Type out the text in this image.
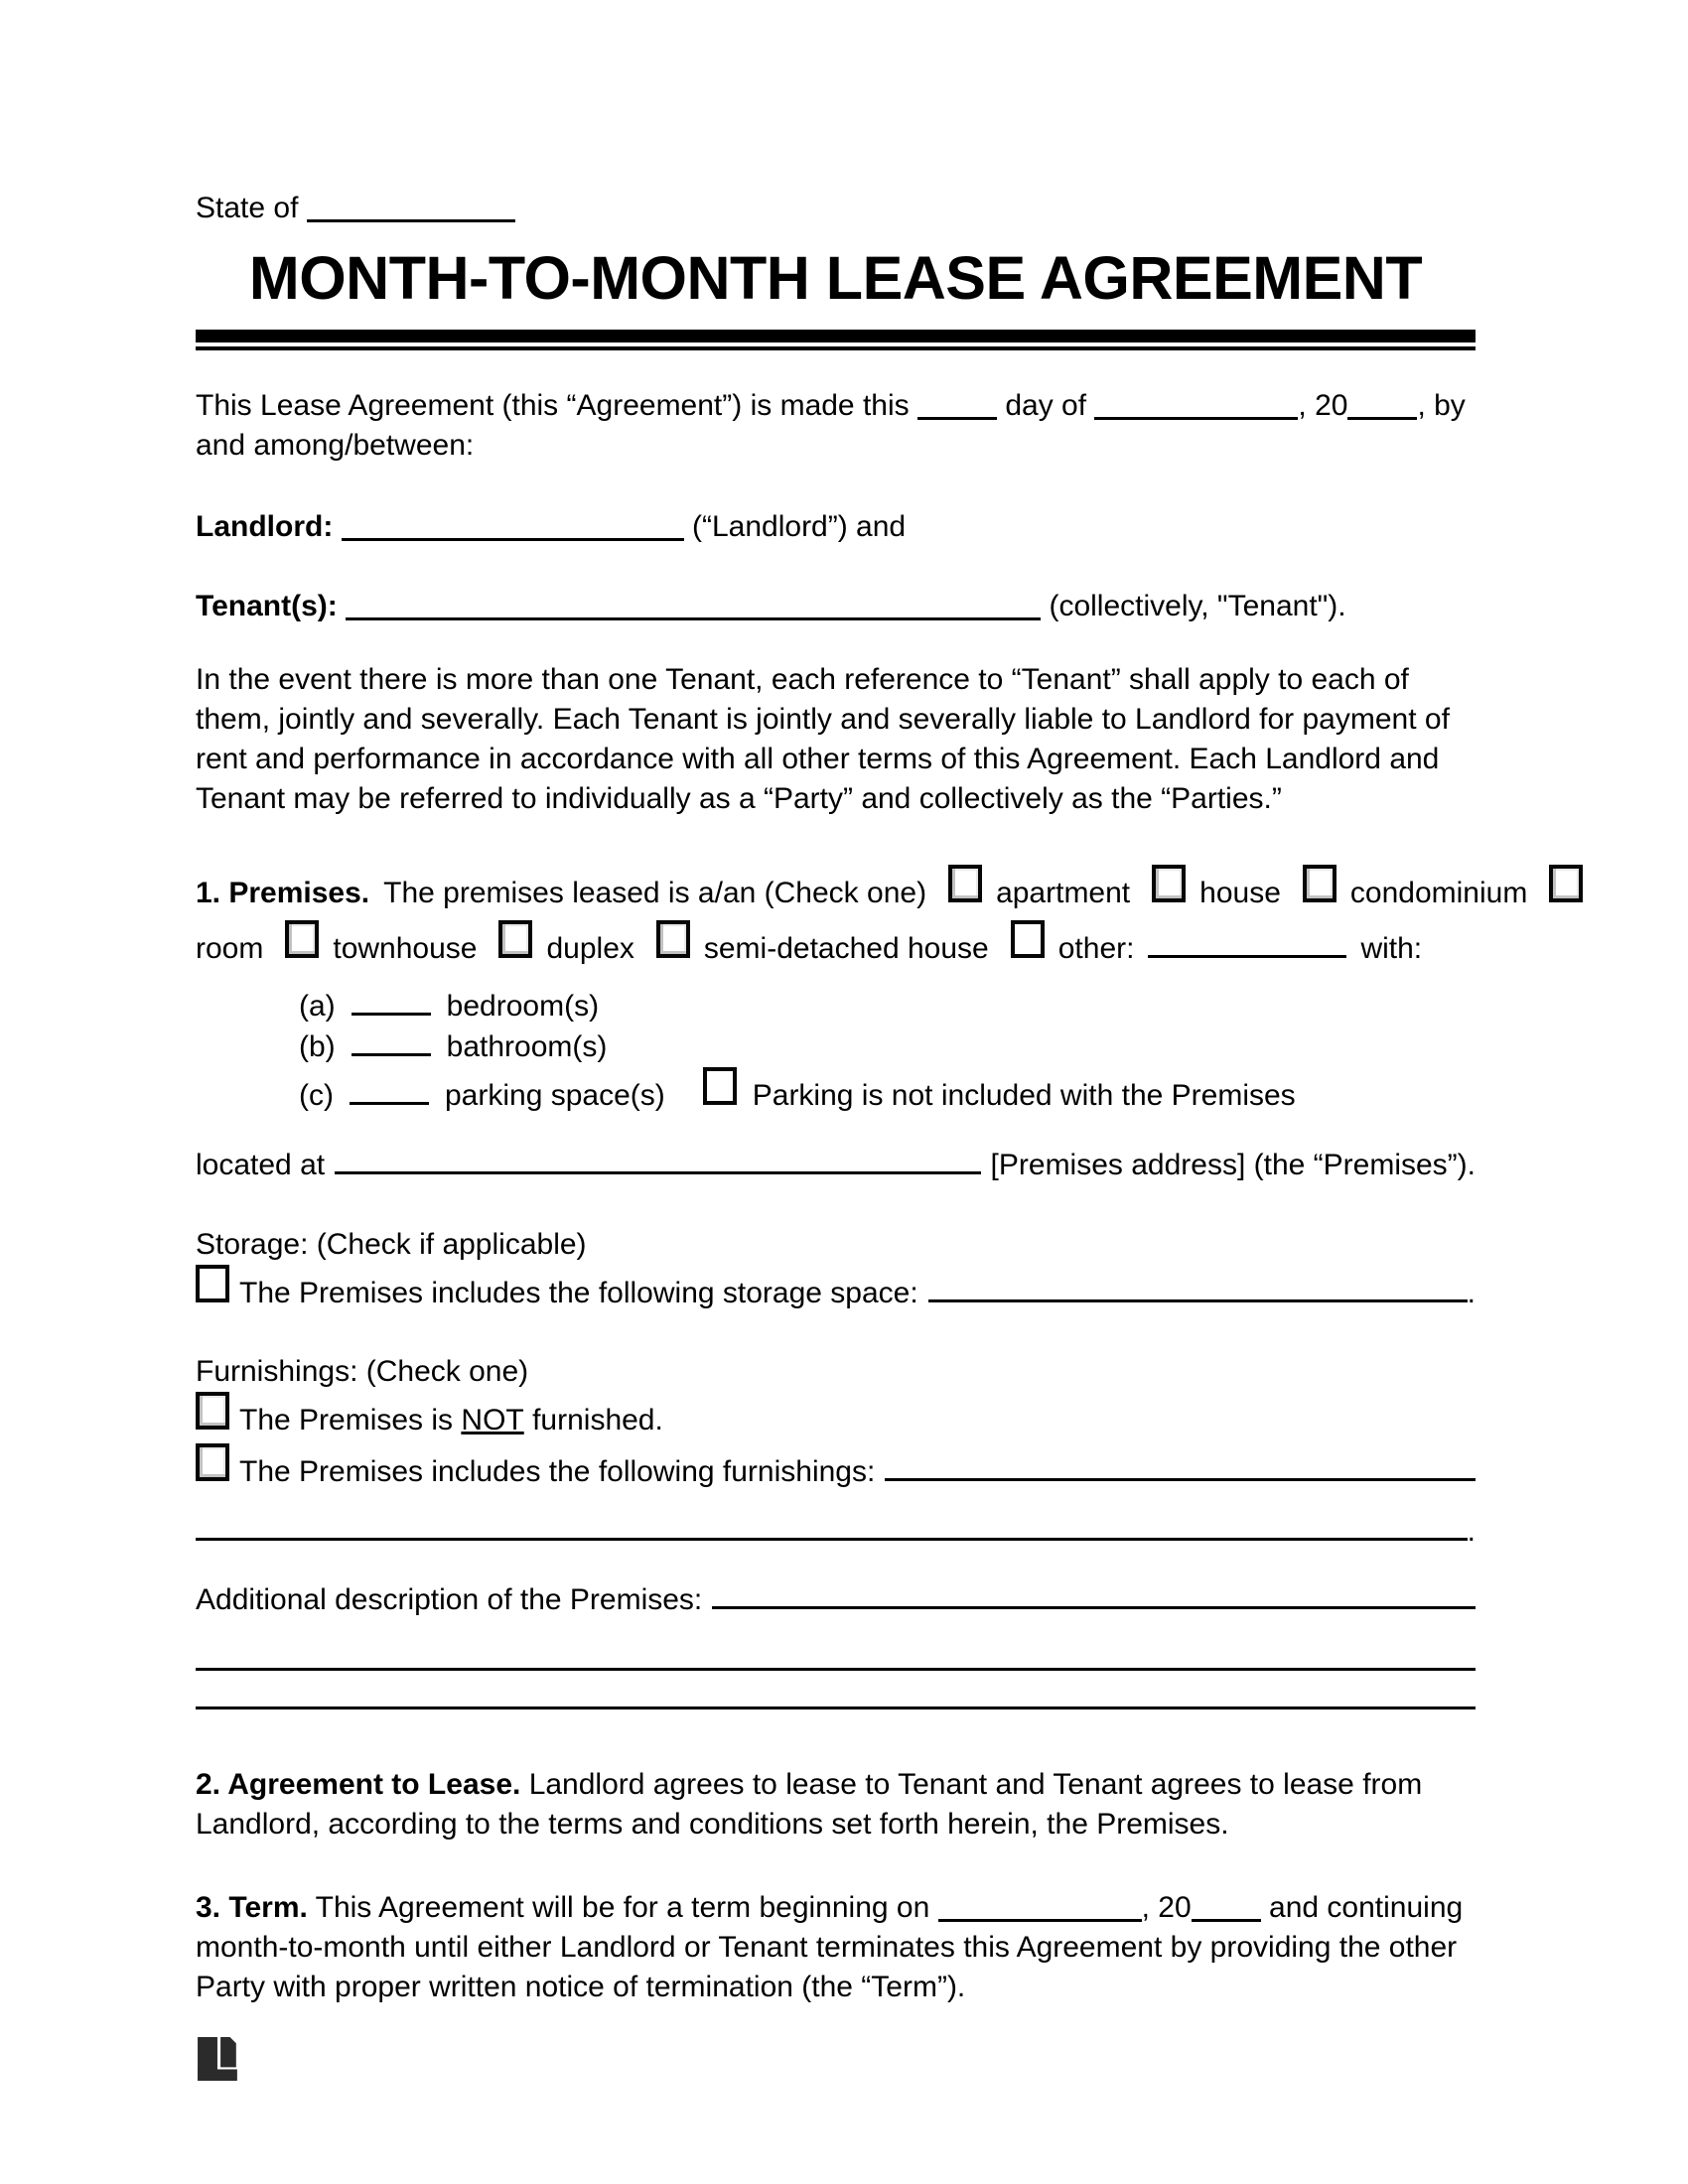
State of
MONTH-TO-MONTH LEASE AGREEMENT
This Lease Agreement (this “Agreement”) is made this	day of	, 20 , by and among/between:
Landlord:	(“Landlord”) and
Tenant(s):	(collectively, "Tenant").
In the event there is more than one Tenant, each reference to “Tenant” shall apply to each of them, jointly and severally. Each Tenant is jointly and severally liable to Landlord for payment of rent and performance in accordance with all other terms of this Agreement. Each Landlord and Tenant may be referred to individually as a “Party” and collectively as the “Parties.”
1. Premises. The premises leased is a/an (Check one) apartment house condominium
room townhouse duplex semi-detached house other:	with:
(a)	bedroom(s)
(b)	bathroom(s)
(c)	parking space(s)	Parking is not included with the Premises
located at	[Premises address] (the “Premises”).
Storage: (Check if applicable)
The Premises includes the following storage space:	.
Furnishings: (Check one)
The Premises is
NOT
furnished.
The Premises includes the following furnishings:
.
Additional description of the Premises:
2. Agreement to Lease. Landlord agrees to lease to Tenant and Tenant agrees to lease from Landlord, according to the terms and conditions set forth herein, the Premises.
3. Term. This Agreement will be for a term beginning on	, 20	and continuing month-to-month until either Landlord or Tenant terminates this Agreement by providing the other Party with proper written notice of termination (the “Term”).
